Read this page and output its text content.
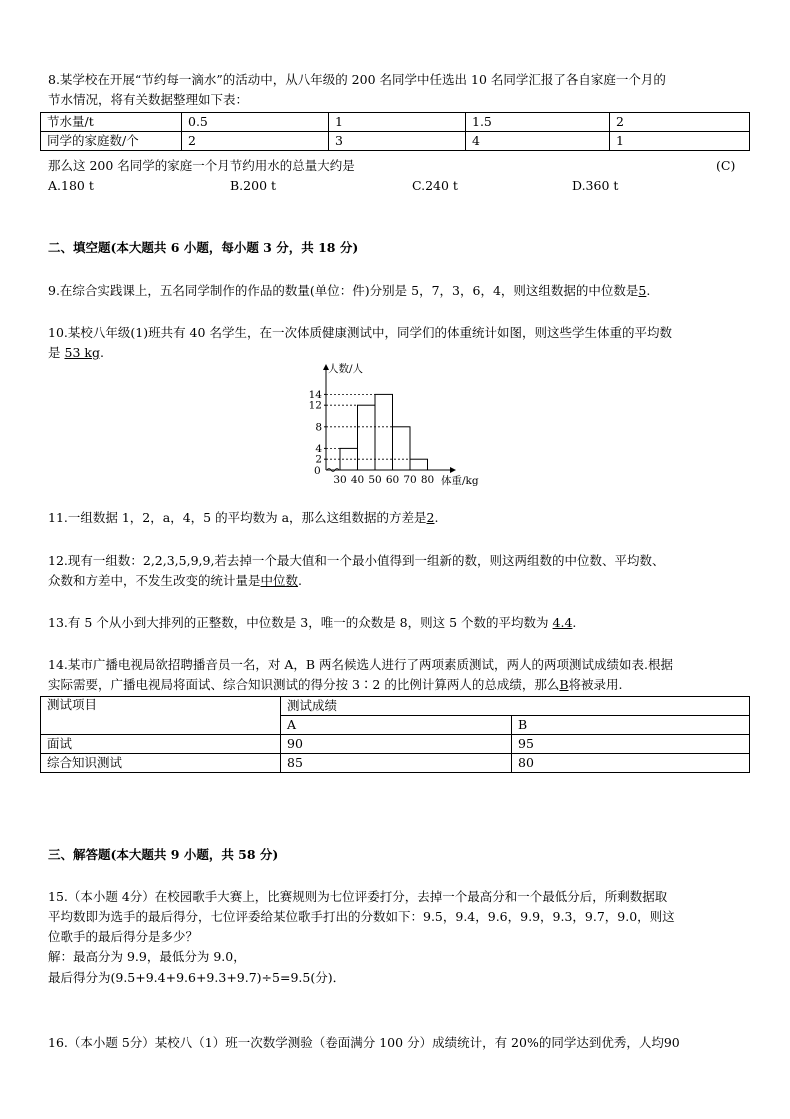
8.某学校在开展“节约每一滴水”的活动中，从八年级的 200 名同学中任选出 10 名同学汇报了各自家庭一个月的
节水情况，将有关数据整理如下表：
节水量/t	0.5	1	1.5	2
同学的家庭数/个	2	3	4	1
那么这 200 名同学的家庭一个月节约用水的总量大约是	(C)
A.180 t	B.200 t	C.240 t	D.360 t
二、填空题(本大题共 6 小题，每小题 3 分，共 18 分)
9.在综合实践课上，五名同学制作的作品的数量(单位：件)分别是 5，7，3，6，4，则这组数据的中位数是5.
10.某校八年级(1)班共有 40 名学生，在一次体质健康测试中，同学们的体重统计如图，则这些学生体重的平均数
是 53 kg.
2
4
8
12
14
0
30 40 50 60 70 80
人数/人
体重/kg
11.一组数据 1，2，a，4，5 的平均数为 a，那么这组数据的方差是2.
12.现有一组数：2,2,3,5,9,9,若去掉一个最大值和一个最小值得到一组新的数，则这两组数的中位数、平均数、
众数和方差中，不发生改变的统计量是中位数.
13.有 5 个从小到大排列的正整数，中位数是 3，唯一的众数是 8，则这 5 个数的平均数为 4.4.
14.某市广播电视局欲招聘播音员一名，对 A，B 两名候选人进行了两项素质测试，两人的两项测试成绩如表.根据
实际需要，广播电视局将面试、综合知识测试的得分按 3∶2 的比例计算两人的总成绩，那么B将被录用.
测试项目	测试成绩	
	A	B
面试	90	95
综合知识测试	85	80
三、解答题(本大题共 9 小题，共 58 分)
15.（本小题 4分）在校园歌手大赛上，比赛规则为七位评委打分，去掉一个最高分和一个最低分后，所剩数据取
平均数即为选手的最后得分，七位评委给某位歌手打出的分数如下：9.5，9.4，9.6，9.9，9.3，9.7，9.0，则这
位歌手的最后得分是多少？
解：最高分为 9.9，最低分为 9.0，
最后得分为(9.5+9.4+9.6+9.3+9.7)÷5=9.5(分)．
16.（本小题 5分）某校八（1）班一次数学测验（卷面满分 100 分）成绩统计，有 20%的同学达到优秀，人均90
